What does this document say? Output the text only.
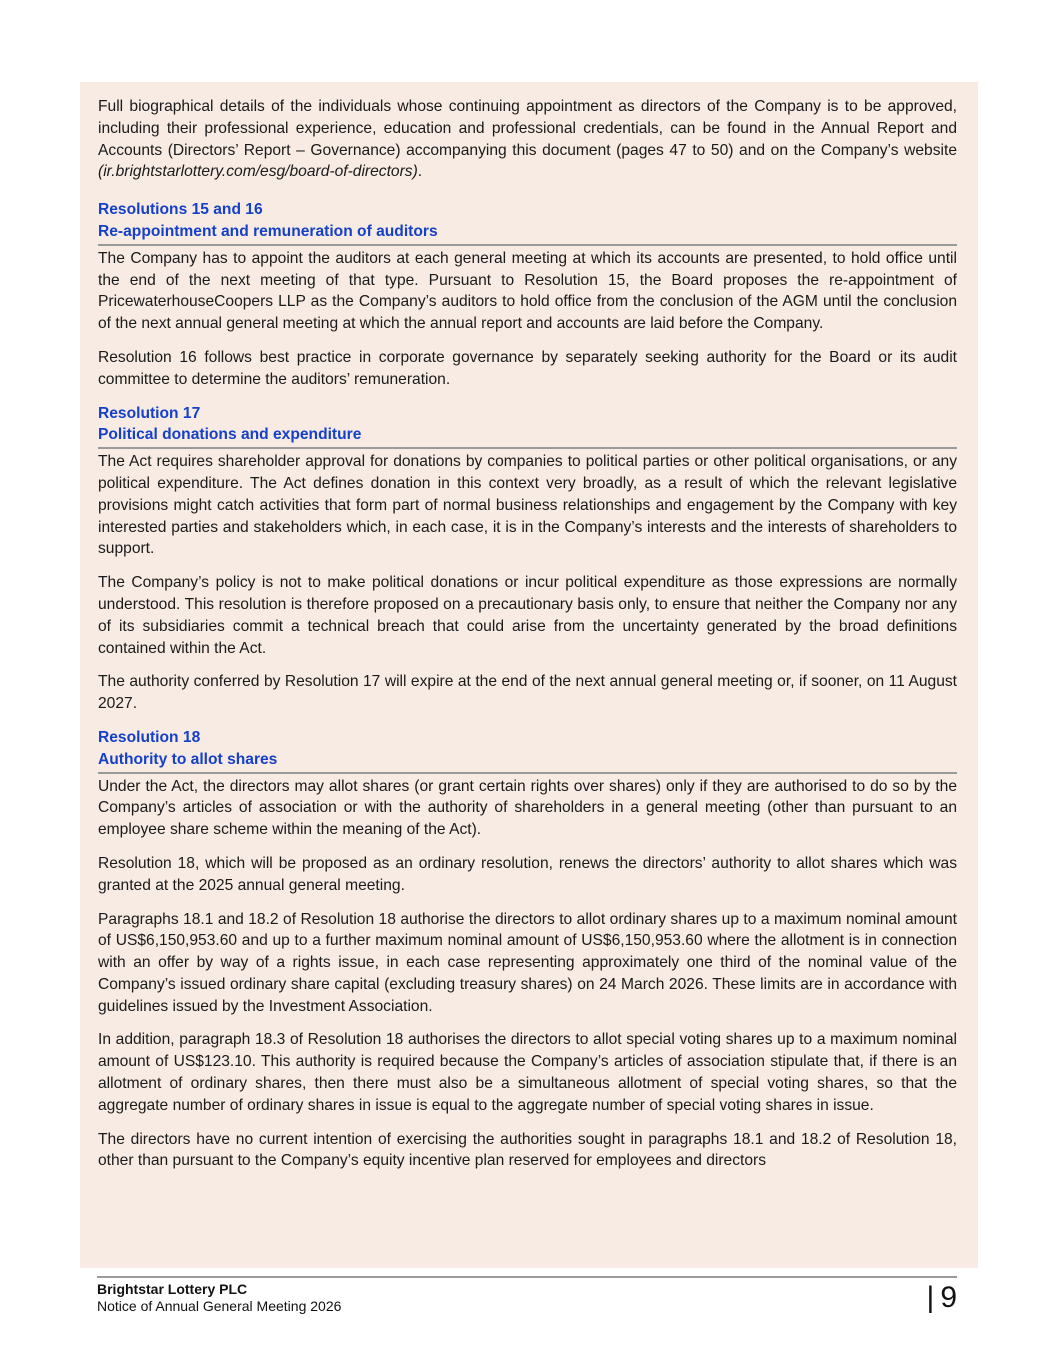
Full biographical details of the individuals whose continuing appointment as directors of the Company is to be approved, including their professional experience, education and professional credentials, can be found in the Annual Report and Accounts (Directors’ Report – Governance) accompanying this document (pages 47 to 50) and on the Company’s website (ir.brightstarlottery.com/esg/board-of-directors).

Resolutions 15 and 16
Re-appointment and remuneration of auditors

The Company has to appoint the auditors at each general meeting at which its accounts are presented, to hold office until the end of the next meeting of that type. Pursuant to Resolution 15, the Board proposes the re-appointment of PricewaterhouseCoopers LLP as the Company’s auditors to hold office from the conclusion of the AGM until the conclusion of the next annual general meeting at which the annual report and accounts are laid before the Company.

Resolution 16 follows best practice in corporate governance by separately seeking authority for the Board or its audit committee to determine the auditors’ remuneration.

Resolution 17
Political donations and expenditure

The Act requires shareholder approval for donations by companies to political parties or other political organisations, or any political expenditure. The Act defines donation in this context very broadly, as a result of which the relevant legislative provisions might catch activities that form part of normal business relationships and engagement by the Company with key interested parties and stakeholders which, in each case, it is in the Company’s interests and the interests of shareholders to support.

The Company’s policy is not to make political donations or incur political expenditure as those expressions are normally understood. This resolution is therefore proposed on a precautionary basis only, to ensure that neither the Company nor any of its subsidiaries commit a technical breach that could arise from the uncertainty generated by the broad definitions contained within the Act.

The authority conferred by Resolution 17 will expire at the end of the next annual general meeting or, if sooner, on 11 August 2027.

Resolution 18
Authority to allot shares

Under the Act, the directors may allot shares (or grant certain rights over shares) only if they are authorised to do so by the Company’s articles of association or with the authority of shareholders in a general meeting (other than pursuant to an employee share scheme within the meaning of the Act).

Resolution 18, which will be proposed as an ordinary resolution, renews the directors’ authority to allot shares which was granted at the 2025 annual general meeting.

Paragraphs 18.1 and 18.2 of Resolution 18 authorise the directors to allot ordinary shares up to a maximum nominal amount of US$6,150,953.60 and up to a further maximum nominal amount of US$6,150,953.60 where the allotment is in connection with an offer by way of a rights issue, in each case representing approximately one third of the nominal value of the Company’s issued ordinary share capital (excluding treasury shares) on 24 March 2026. These limits are in accordance with guidelines issued by the Investment Association.

In addition, paragraph 18.3 of Resolution 18 authorises the directors to allot special voting shares up to a maximum nominal amount of US$123.10. This authority is required because the Company’s articles of association stipulate that, if there is an allotment of ordinary shares, then there must also be a simultaneous allotment of special voting shares, so that the aggregate number of ordinary shares in issue is equal to the aggregate number of special voting shares in issue.

The directors have no current intention of exercising the authorities sought in paragraphs 18.1 and 18.2 of Resolution 18, other than pursuant to the Company’s equity incentive plan reserved for employees and directors

Brightstar Lottery PLC
Notice of Annual General Meeting 2026	| 9
